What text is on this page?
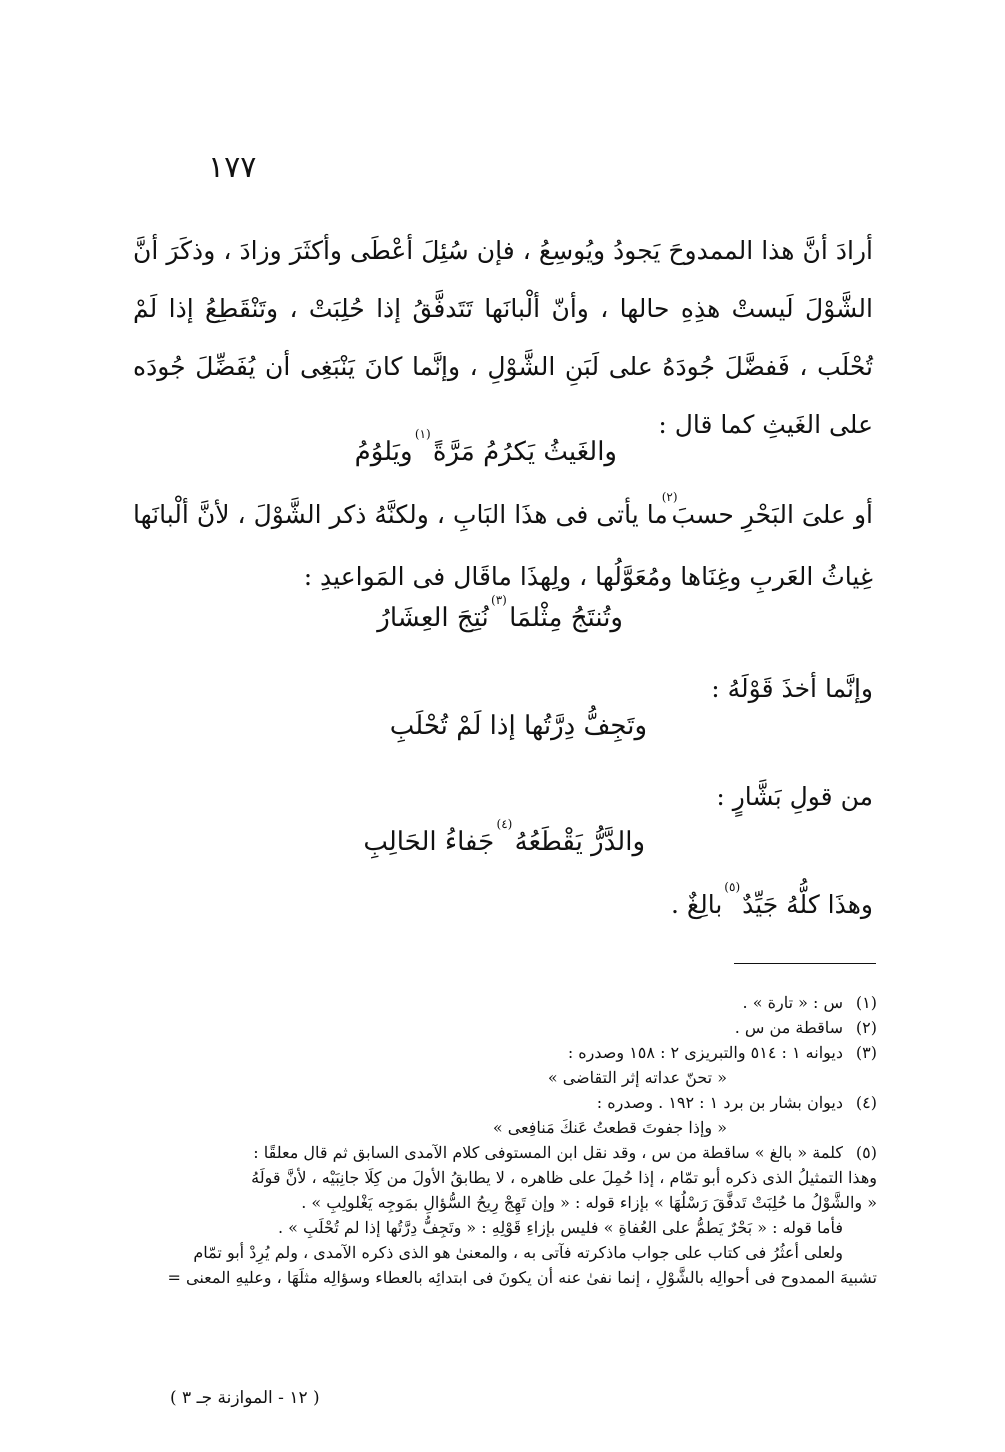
١٧٧
أرادَ أنَّ هذا الممدوحَ يَجودُ ويُوسِعُ ، فإن سُئِلَ أعْطَى وأكثَرَ وزادَ ، وذكَرَ أنَّ الشَّوْلَ لَيستْ هذِهِ حالها ، وأنّ ألْبانَها تَتَدفَّقُ إذا حُلِبَتْ ، وتَنْقَطِعُ إذا لَمْ تُحْلَب ، فَفضَّلَ جُودَهُ على لَبَنِ الشَّوْلِ ، وإنَّما كانَ يَنْبَغِى أن يُفَضِّلَ جُودَه على الغَيثِ كما قال :
والغَيثُ يَكرُمُ مَرَّةً (١) ويَلوُمُ
أو علىَ البَحْرِ حسبَ(٢)ما يأتى فى هذَا البَابِ ، ولكنَّهُ ذكر الشَّوْلَ ، لأنَّ ألْبانَها غِياثُ العَربِ وغِنَاها ومُعَوَّلُها ، ولِهذَا ماقَال فى المَواعيدِ :
وتُنتَجُ مِثْلمَا (٣) نُتِجَ العِشَارُ
وإنَّما أخذَ قَوْلَهُ :
وتَجِفُّ دِرَّتُها إذا لَمْ تُحْلَبِ
من قولِ بَشَّارٍ :
والدَّرُّ يَقْطَعُهُ (٤) جَفاءُ الحَالِبِ
وهذَا كلُّهُ جَيِّدٌ (٥) بالِغٌ .
(١)س : « تارة » .
(٢)ساقطة من س .
(٣)ديوانه ١ : ٥١٤ والتبريزى ٢ : ١٥٨ وصدره :
« تحنّ عداته إثر التقاضى »
(٤)ديوان بشار بن برد ١ : ١٩٢ . وصدره :
« وإذا جفوتَ قطعتُ عَنكَ مَنافِعى »
(٥)كلمة « بالغ » ساقطة من س ، وقد نقل ابن المستوفى كلام الآمدى السابق ثم قال معلقًا :
وهذا التمثيلُ الذى ذكره أبو تمّام ، إذا حُمِلَ على ظاهره ، لا يطابقُ الأولَ من كِلَا جانِبَيْه ، لأنَّ قولَهُ
« والشَّوْلُ ما حُلِبَتْ تَدفَّقَ رَسْلُهَا » بإزاء قوله : « وإن تَهِجْ رِيحُ السُّؤالِ بمَوجِه يَغْلولِبِ » .
فأما قوله : « بَحْرٌ يَطمُّ على العُفاةِ » فليس بإزاءِ قَوْلِهِ : « وتَجِفُّ دِرَّتُها إذا لم تُحْلَبِ » .
ولعلى أعثُرُ فى كتاب على جواب ماذكرته فآتى به ، والمعنىٰ هو الذى ذكره الآمدى ، ولم يُرِدْ أبو تمّام
تشبيهَ الممدوح فى أحوالِه بالشَّوْلِ ، إنما نفىٰ عنه أن يكونَ فى ابتدائِه بالعطاء وسؤالِه مثلَهَا ، وعليهِ المعنى =
( ١٢ - الموازنة جـ ٣ )
